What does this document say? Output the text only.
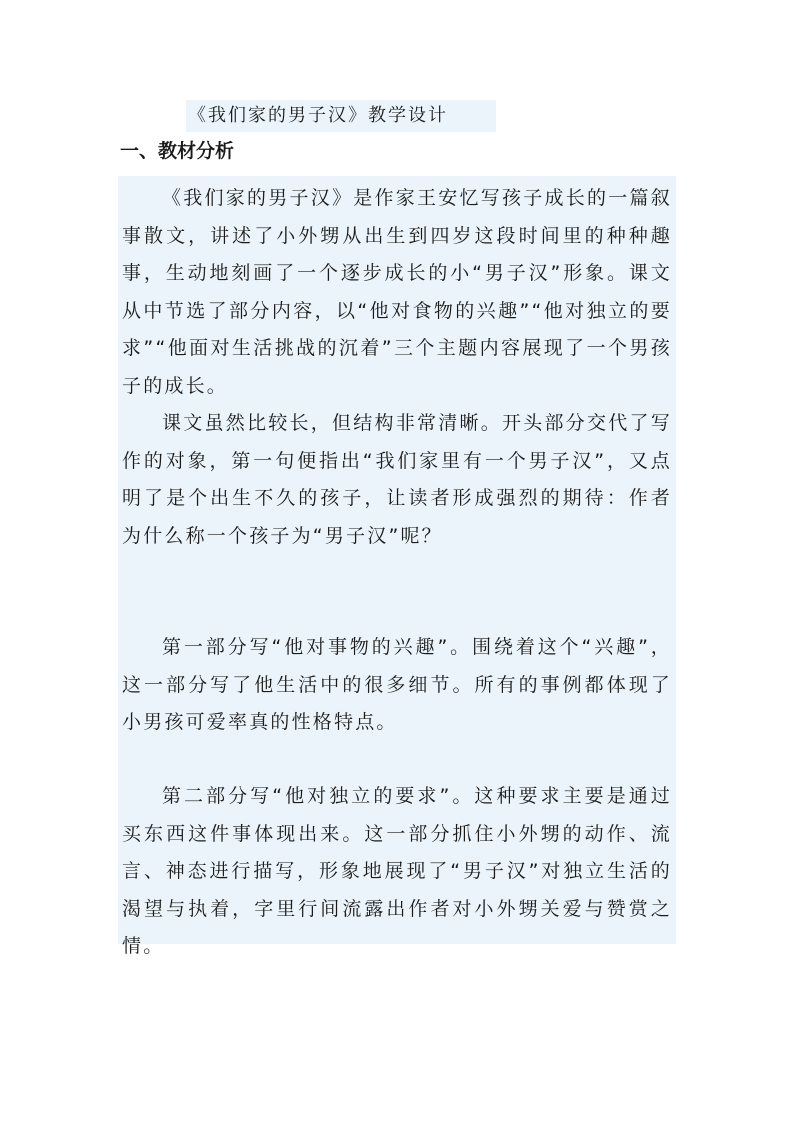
《我们家的男子汉》教学设计
一、教材分析

《我们家的男子汉》是作家王安忆写孩子成长的一篇叙事散文，讲述了小外甥从出生到四岁这段时间里的种种趣事，生动地刻画了一个逐步成长的小“男子汉”形象。课文从中节选了部分内容，以“他对食物的兴趣”“他对独立的要求”“他面对生活挑战的沉着”三个主题内容展现了一个男孩子的成长。

课文虽然比较长，但结构非常清晰。开头部分交代了写作的对象，第一句便指出“我们家里有一个男子汉”，又点明了是个出生不久的孩子，让读者形成强烈的期待：作者为什么称一个孩子为“男子汉”呢？

第一部分写“他对事物的兴趣”。围绕着这个“兴趣”，这一部分写了他生活中的很多细节。所有的事例都体现了小男孩可爱率真的性格特点。

第二部分写“他对独立的要求”。这种要求主要是通过买东西这件事体现出来。这一部分抓住小外甥的动作、流言、神态进行描写，形象地展现了“男子汉”对独立生活的渴望与执着，字里行间流露出作者对小外甥关爱与赞赏之情。
